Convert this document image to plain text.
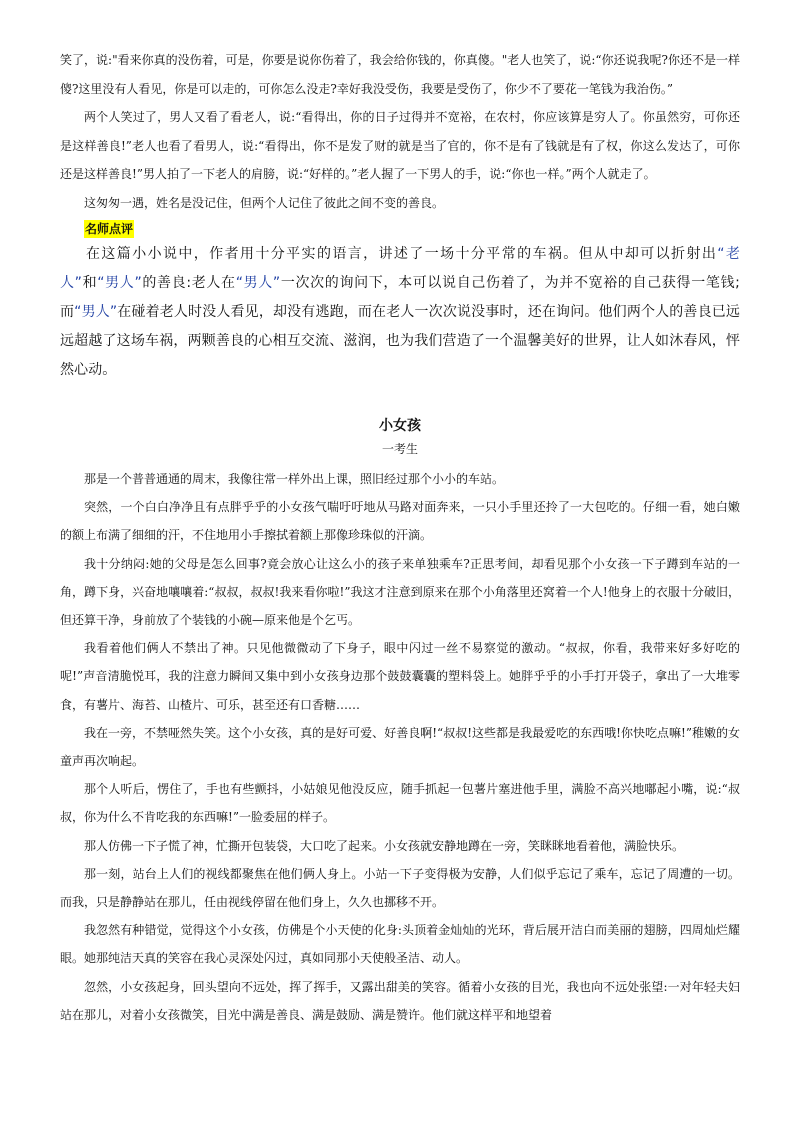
笑了，说:"看来你真的没伤着，可是，你要是说你伤着了，我会给你钱的，你真傻。"老人也笑了，说:“你还说我呢?你还不是一样傻?这里没有人看见，你是可以走的，可你怎么没走?幸好我没受伤，我要是受伤了，你少不了要花一笔钱为我治伤。”

两个人笑过了，男人又看了看老人，说:“看得出，你的日子过得并不宽裕，在农村，你应该算是穷人了。你虽然穷，可你还是这样善良!”老人也看了看男人，说:“看得出，你不是发了财的就是当了官的，你不是有了钱就是有了权，你这么发达了，可你还是这样善良!”男人拍了一下老人的肩膀，说:“好样的。”老人握了一下男人的手，说:“你也一样。”两个人就走了。

这匆匆一遇，姓名是没记住，但两个人记住了彼此之间不变的善良。

名师点评

在这篇小小说中，作者用十分平实的语言，讲述了一场十分平常的车祸。但从中却可以折射出“老人”和“男人”的善良:老人在“男人”一次次的询问下，本可以说自己伤着了，为并不宽裕的自己获得一笔钱;而“男人”在碰着老人时没人看见，却没有逃跑，而在老人一次次说没事时，还在询问。他们两个人的善良已远远超越了这场车祸，两颗善良的心相互交流、滋润，也为我们营造了一个温馨美好的世界，让人如沐春风，怦然心动。

小女孩

一考生

那是一个普普通通的周末，我像往常一样外出上课，照旧经过那个小小的车站。

突然，一个白白净净且有点胖乎乎的小女孩气喘吁吁地从马路对面奔来，一只小手里还拎了一大包吃的。仔细一看，她白嫩的额上布满了细细的汗，不住地用小手擦拭着额上那像珍珠似的汗滴。

我十分纳闷:她的父母是怎么回事?竟会放心让这么小的孩子来单独乘车?正思考间，却看见那个小女孩一下子蹲到车站的一角，蹲下身，兴奋地嚷嚷着:“叔叔，叔叔!我来看你啦!”我这才注意到原来在那个小角落里还窝着一个人!他身上的衣服十分破旧，但还算干净，身前放了个装钱的小碗—原来他是个乞丐。

我看着他们俩人不禁出了神。只见他微微动了下身子，眼中闪过一丝不易察觉的激动。“叔叔，你看，我带来好多好吃的呢!”声音清脆悦耳，我的注意力瞬间又集中到小女孩身边那个鼓鼓囊囊的塑料袋上。她胖乎乎的小手打开袋子，拿出了一大堆零食，有薯片、海苔、山楂片、可乐，甚至还有口香糖……

我在一旁，不禁哑然失笑。这个小女孩，真的是好可爱、好善良啊!“叔叔!这些都是我最爱吃的东西哦!你快吃点嘛!”稚嫩的女童声再次响起。

那个人听后，愣住了，手也有些颤抖，小姑娘见他没反应，随手抓起一包薯片塞进他手里，满脸不高兴地嘟起小嘴，说:“叔叔，你为什么不肯吃我的东西嘛!”一脸委屈的样子。

那人仿佛一下子慌了神，忙撕开包装袋，大口吃了起来。小女孩就安静地蹲在一旁，笑眯眯地看着他，满脸快乐。

那一刻，站台上人们的视线都聚焦在他们俩人身上。小站一下子变得极为安静，人们似乎忘记了乘车，忘记了周遭的一切。而我，只是静静站在那儿，任由视线停留在他们身上，久久也挪移不开。

我忽然有种错觉，觉得这个小女孩，仿佛是个小天使的化身:头顶着金灿灿的光环，背后展开洁白而美丽的翅膀，四周灿烂耀眼。她那纯洁天真的笑容在我心灵深处闪过，真如同那小天使般圣洁、动人。

忽然，小女孩起身，回头望向不远处，挥了挥手，又露出甜美的笑容。循着小女孩的目光，我也向不远处张望:一对年轻夫妇站在那儿，对着小女孩微笑，目光中满是善良、满是鼓励、满是赞许。他们就这样平和地望着
